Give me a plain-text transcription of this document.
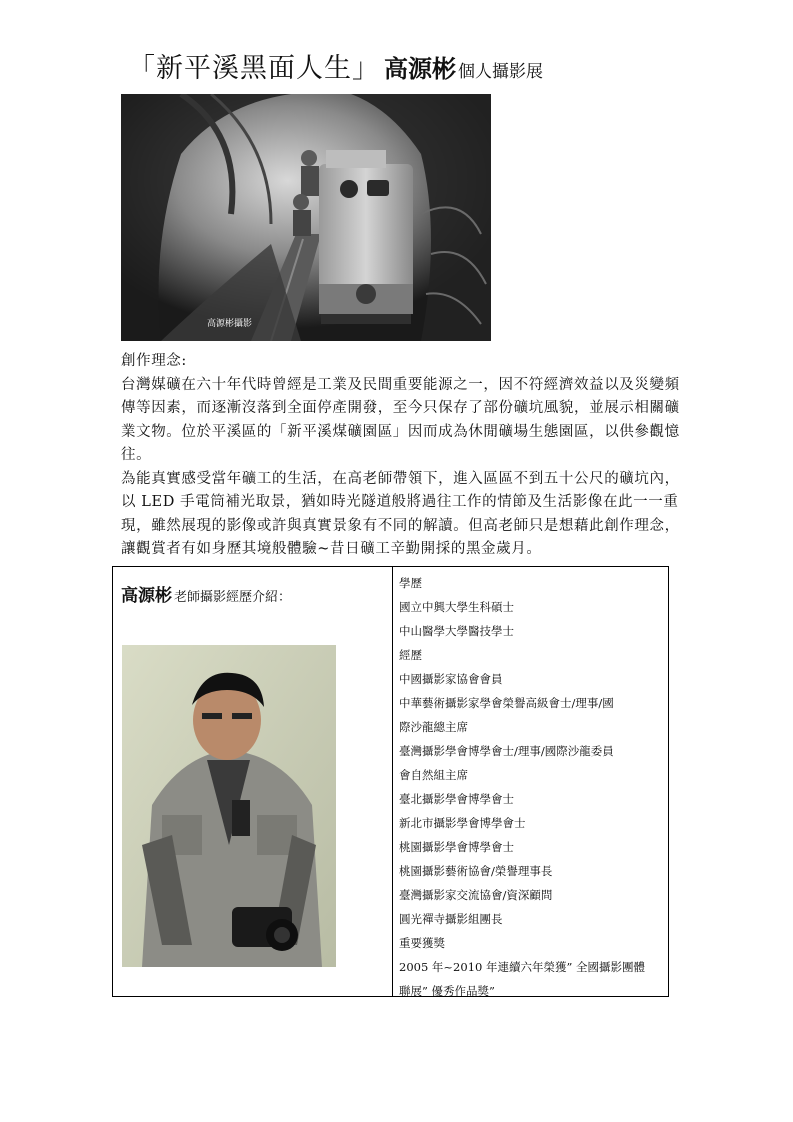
「新平溪黑面人生」 高源彬 個人攝影展
高源彬攝影

創作理念:

台灣媒礦在六十年代時曾經是工業及民間重要能源之一，因不符經濟效益以及災變頻傳等因素，而逐漸沒落到全面停產開發，至今只保存了部份礦坑風貌，並展示相關礦業文物。位於平溪區的「新平溪煤礦園區」因而成為休閒礦場生態園區，以供參觀憶往。

為能真實感受當年礦工的生活，在高老師帶領下，進入區區不到五十公尺的礦坑內，以 LED 手電筒補光取景，猶如時光隧道般將過往工作的情節及生活影像在此一一重現，雖然展現的影像或許與真實景象有不同的解讀。但高老師只是想藉此創作理念，讓觀賞者有如身歷其境般體驗~昔日礦工辛勤開採的黑金歲月。

高源彬 老師攝影經歷介紹：
學歷
國立中興大學生科碩士
中山醫學大學醫技學士
經歷
中國攝影家協會會員
中華藝術攝影家學會榮譽高級會士/理事/國
際沙龍總主席
臺灣攝影學會博學會士/理事/國際沙龍委員
會自然組主席
臺北攝影學會博學會士
新北市攝影學會博學會士
桃園攝影學會博學會士
桃園攝影藝術協會/榮譽理事長
臺灣攝影家交流協會/資深顧問
圓光禪寺攝影組團長
重要獲獎
2005 年~2010 年連續六年榮獲” 全國攝影團體
聯展” 優秀作品獎”
